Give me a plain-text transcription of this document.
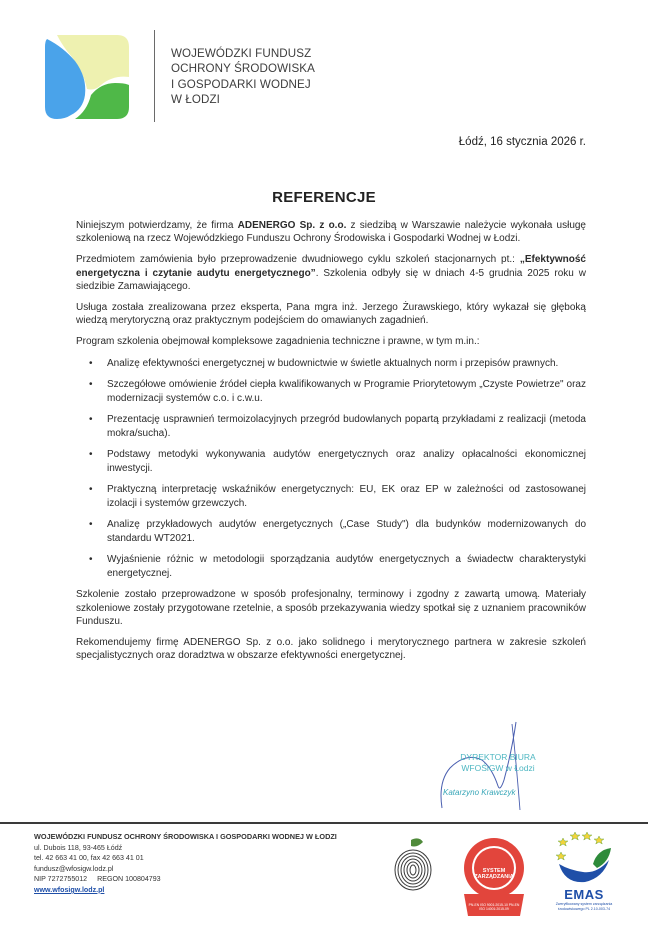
WOJEWÓDZKI FUNDUSZ
OCHRONY ŚRODOWISKA
I GOSPODARKI WODNEJ
W ŁODZI
Łódź, 16 stycznia 2026 r.
REFERENCJE

Niniejszym potwierdzamy, że firma ADENERGO Sp. z o.o. z siedzibą w Warszawie należycie wykonała usługę szkoleniową na rzecz Wojewódzkiego Funduszu Ochrony Środowiska i Gospodarki Wodnej w Łodzi.

Przedmiotem zamówienia było przeprowadzenie dwudniowego cyklu szkoleń stacjonarnych pt.: „Efektywność energetyczna i czytanie audytu energetycznego”. Szkolenia odbyły się w dniach 4-5 grudnia 2025 roku w siedzibie Zamawiającego.

Usługa została zrealizowana przez eksperta, Pana mgra inż. Jerzego Żurawskiego, który wykazał się głęboką wiedzą merytoryczną oraz praktycznym podejściem do omawianych zagadnień.

Program szkolenia obejmował kompleksowe zagadnienia techniczne i prawne, w tym m.in.:

• Analizę efektywności energetycznej w budownictwie w świetle aktualnych norm i przepisów prawnych.
• Szczegółowe omówienie źródeł ciepła kwalifikowanych w Programie Priorytetowym „Czyste Powietrze" oraz modernizacji systemów c.o. i c.w.u.
• Prezentację usprawnień termoizolacyjnych przegród budowlanych popartą przykładami z realizacji (metoda mokra/sucha).
• Podstawy metodyki wykonywania audytów energetycznych oraz analizy opłacalności ekonomicznej inwestycji.
• Praktyczną interpretację wskaźników energetycznych: EU, EK oraz EP w zależności od zastosowanej izolacji i systemów grzewczych.
• Analizę przykładowych audytów energetycznych („Case Study") dla budynków modernizowanych do standardu WT2021.
• Wyjaśnienie różnic w metodologii sporządzania audytów energetycznych a świadectw charakterystyki energetycznej.

Szkolenie zostało przeprowadzone w sposób profesjonalny, terminowy i zgodny z zawartą umową. Materiały szkoleniowe zostały przygotowane rzetelnie, a sposób przekazywania wiedzy spotkał się z uznaniem pracowników Funduszu.

Rekomendujemy firmę ADENERGO Sp. z o.o. jako solidnego i merytorycznego partnera w zakresie szkoleń specjalistycznych oraz doradztwa w obszarze efektywności energetycznej.

DYREKTOR BIURA
WFOŚiGW w Łodzi
Katarzyno Krawczyk
WOJEWÓDZKI FUNDUSZ OCHRONY ŚRODOWISKA I GOSPODARKI WODNEJ W ŁODZI
ul. Dubois 118, 93-465 Łódź
tel. 42 663 41 00, fax 42 663 41 01
fundusz@wfosigw.lodz.pl
NIP 7272755012 REGON 100804793
www.wfosigw.lodz.pl
SYSTEM ZARZĄDZANIA
PN-EN ISO 9001:2015-10 PN-EN ISO 14001:2015-09
EMAS
Zweryfikowany system zarządzania środowiskowego PL 2.10-003-74
